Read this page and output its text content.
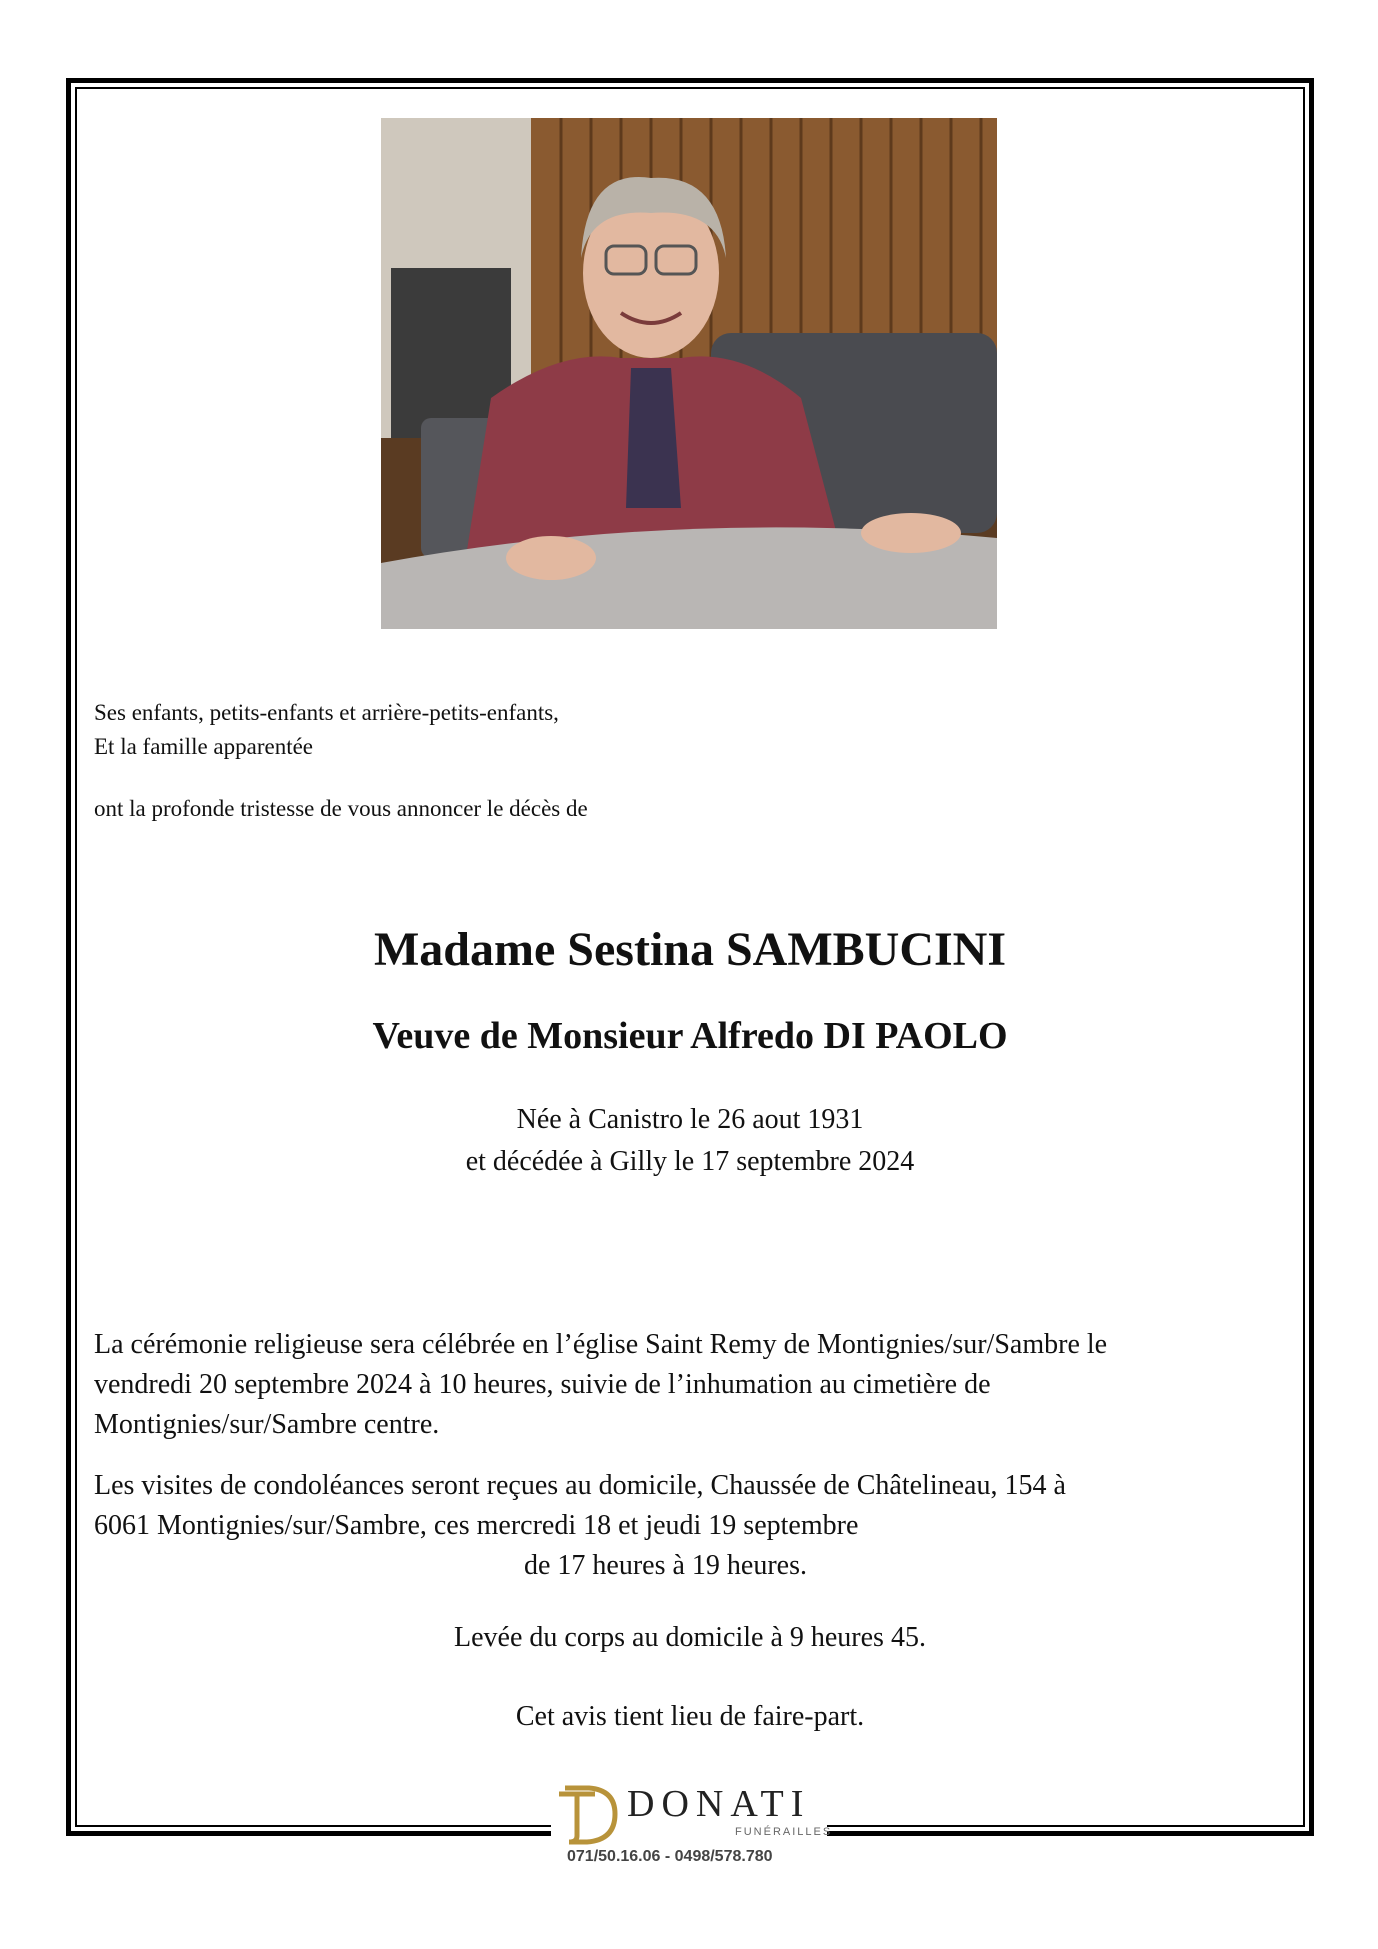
Ses enfants, petits-enfants et arrière-petits-enfants,

Et la famille apparentée

ont la profonde tristesse de vous annoncer le décès de

Madame Sestina SAMBUCINI
Veuve de Monsieur Alfredo DI PAOLO

Née à Canistro le 26 aout 1931

et décédée à Gilly le 17 septembre 2024

La cérémonie religieuse sera célébrée en l’église Saint Remy de Montignies/sur/Sambre le

vendredi 20 septembre 2024 à 10 heures, suivie de l’inhumation au cimetière de

Montignies/sur/Sambre centre.

Les visites de condoléances seront reçues au domicile, Chaussée de Châtelineau, 154 à

6061 Montignies/sur/Sambre, ces mercredi 18 et jeudi 19 septembre

de 17 heures à 19 heures.

Levée du corps au domicile à 9 heures 45.
Cet avis tient lieu de faire-part.
DONATI
FUNÉRAILLES
071/50.16.06 - 0498/578.780
